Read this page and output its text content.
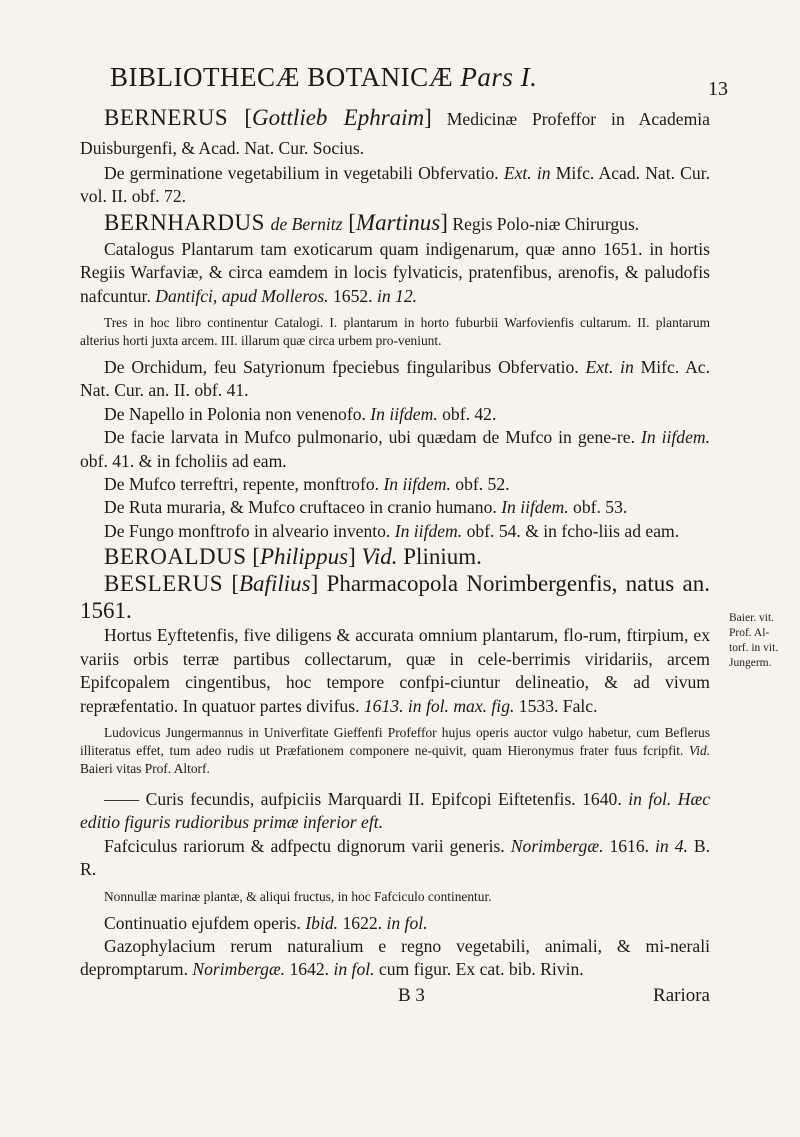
BIBLIOTHECÆ BOTANICÆ Pars I.	13

BERNERUS [Gottlieb Ephraim] Medicinæ Profeffor in Academia Duisburgenfi, & Acad. Nat. Cur. Socius.

De germinatione vegetabilium in vegetabili Obfervatio. Ext. in Mifc. Acad. Nat. Cur. vol. II. obf. 72.

BERNHARDUS de Bernitz [Martinus] Regis Polo-niæ Chirurgus.

Catalogus Plantarum tam exoticarum quam indigenarum, quæ anno 1651. in hortis Regiis Warfaviæ, & circa eamdem in locis fylvaticis, pratenfibus, arenofis, & paludofis nafcuntur. Dantifci, apud Molleros. 1652. in 12.

Tres in hoc libro continentur Catalogi. I. plantarum in horto fuburbii Warfovienfis cultarum. II. plantarum alterius horti juxta arcem. III. illarum quæ circa urbem pro-veniunt.

De Orchidum, feu Satyrionum fpeciebus fingularibus Obfervatio. Ext. in Mifc. Ac. Nat. Cur. an. II. obf. 41.

De Napello in Polonia non venenofo. In iifdem. obf. 42.

De facie larvata in Mufco pulmonario, ubi quædam de Mufco in gene-re. In iifdem. obf. 41. & in fcholiis ad eam.

De Mufco terreftri, repente, monftrofo. In iifdem. obf. 52.

De Ruta muraria, & Mufco cruftaceo in cranio humano. In iifdem. obf. 53.

De Fungo monftrofo in alveario invento. In iifdem. obf. 54. & in fcho-liis ad eam.

BEROALDUS [Philippus] Vid. Plinium.

BESLERUS [Bafilius] Pharmacopola Norimbergenfis, natus an. 1561.

Hortus Eyftetenfis, five diligens & accurata omnium plantarum, flo-rum, ftirpium, ex variis orbis terræ partibus collectarum, quæ in cele-berrimis viridariis, arcem Epifcopalem cingentibus, hoc tempore confpi-ciuntur delineatio, & ad vivum repræfentatio. In quatuor partes divifus. 1613. in fol. max. fig. 1533. Falc.

Ludovicus Jungermannus in Univerfitate Gieffenfi Profeffor hujus operis auctor vulgo habetur, cum Beflerus illiteratus effet, tum adeo rudis ut Præfationem componere ne-quivit, quam Hieronymus frater fuus fcripfit. Vid. Baieri vitas Prof. Altorf.

—— Curis fecundis, aufpiciis Marquardi II. Epifcopi Eiftetenfis. 1640. in fol. Hæc editio figuris rudioribus primæ inferior eft.

Fafciculus rariorum & adfpectu dignorum varii generis. Norimbergæ. 1616. in 4. B. R.

Nonnullæ marinæ plantæ, & aliqui fructus, in hoc Fafciculo continentur.

Continuatio ejufdem operis. Ibid. 1622. in fol.

Gazophylacium rerum naturalium e regno vegetabili, animali, & mi-nerali depromptarum. Norimbergæ. 1642. in fol. cum figur. Ex cat. bib. Rivin.

B 3	Rariora
Baier. vit.
Prof. Al-
torf. in vit.
Jungerm.
